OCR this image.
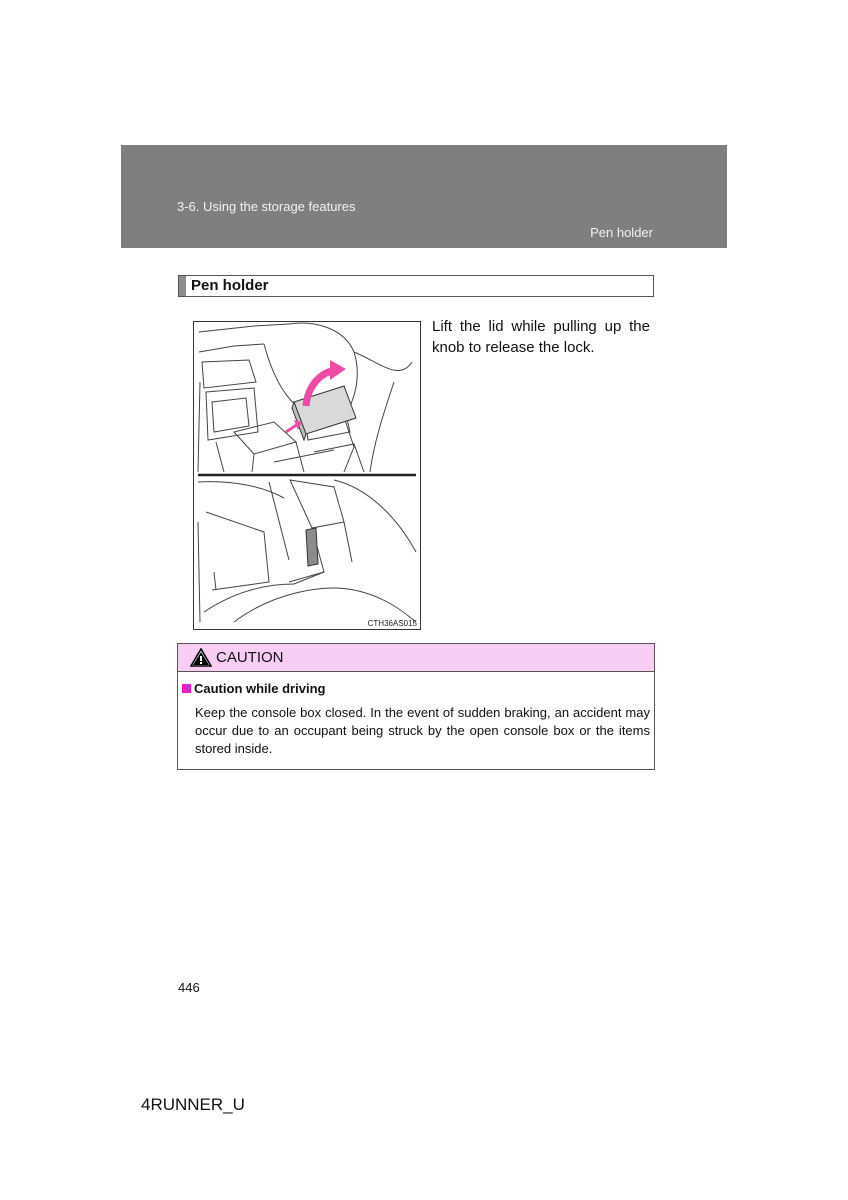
3-6. Using the storage features
Pen holder
Pen holder
CTH36AS015
Lift the lid while pulling up the knob to release the lock.
CAUTION
Caution while driving
Keep the console box closed. In the event of sudden braking, an accident may occur due to an occupant being struck by the open console box or the items stored inside.
446
4RUNNER_U
